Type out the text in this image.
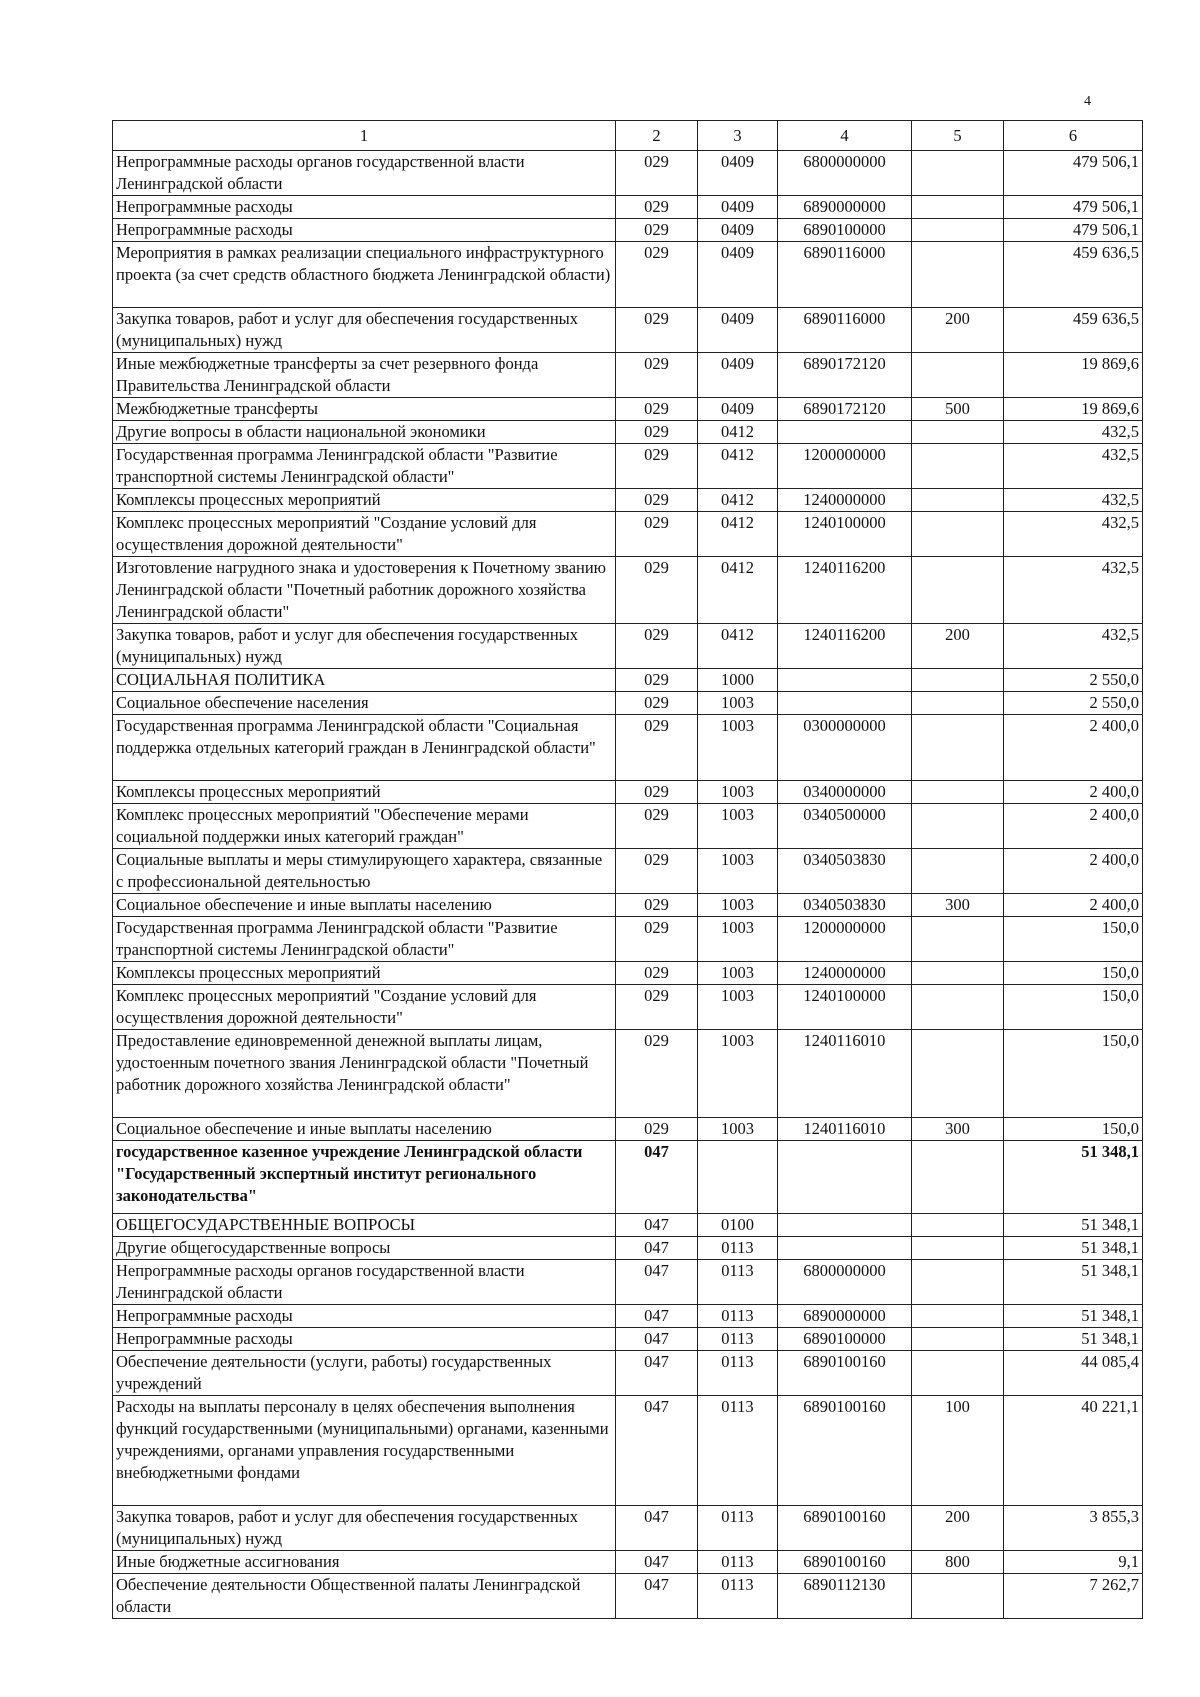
4
1	2	3	4	5	6
Непрограммные расходы органов государственной власти Ленинградской области	029	0409	6800000000		479 506,1
Непрограммные расходы	029	0409	6890000000		479 506,1
Непрограммные расходы	029	0409	6890100000		479 506,1
Мероприятия в рамках реализации специального инфраструктурного проекта (за счет средств областного бюджета Ленинградской области)	029	0409	6890116000		459 636,5
Закупка товаров, работ и услуг для обеспечения государственных (муниципальных) нужд	029	0409	6890116000	200	459 636,5
Иные межбюджетные трансферты за счет резервного фонда Правительства Ленинградской области	029	0409	6890172120		19 869,6
Межбюджетные трансферты	029	0409	6890172120	500	19 869,6
Другие вопросы в области национальной экономики	029	0412			432,5
Государственная программа Ленинградской области "Развитие транспортной системы Ленинградской области"	029	0412	1200000000		432,5
Комплексы процессных мероприятий	029	0412	1240000000		432,5
Комплекс процессных мероприятий "Создание условий для осуществления дорожной деятельности"	029	0412	1240100000		432,5
Изготовление нагрудного знака и удостоверения к Почетному званию Ленинградской области "Почетный работник дорожного хозяйства Ленинградской области"	029	0412	1240116200		432,5
Закупка товаров, работ и услуг для обеспечения государственных (муниципальных) нужд	029	0412	1240116200	200	432,5
СОЦИАЛЬНАЯ ПОЛИТИКА	029	1000			2 550,0
Социальное обеспечение населения	029	1003			2 550,0
Государственная программа Ленинградской области "Социальная поддержка отдельных категорий граждан в Ленинградской области"	029	1003	0300000000		2 400,0
Комплексы процессных мероприятий	029	1003	0340000000		2 400,0
Комплекс процессных мероприятий "Обеспечение мерами социальной поддержки иных категорий граждан"	029	1003	0340500000		2 400,0
Социальные выплаты и меры стимулирующего характера, связанные с профессиональной деятельностью	029	1003	0340503830		2 400,0
Социальное обеспечение и иные выплаты населению	029	1003	0340503830	300	2 400,0
Государственная программа Ленинградской области "Развитие транспортной системы Ленинградской области"	029	1003	1200000000		150,0
Комплексы процессных мероприятий	029	1003	1240000000		150,0
Комплекс процессных мероприятий "Создание условий для осуществления дорожной деятельности"	029	1003	1240100000		150,0
Предоставление единовременной денежной выплаты лицам, удостоенным почетного звания Ленинградской области "Почетный работник дорожного хозяйства Ленинградской области"	029	1003	1240116010		150,0
Социальное обеспечение и иные выплаты населению	029	1003	1240116010	300	150,0
государственное казенное учреждение Ленинградской области "Государственный экспертный институт регионального законодательства"	047				51 348,1
ОБЩЕГОСУДАРСТВЕННЫЕ ВОПРОСЫ	047	0100			51 348,1
Другие общегосударственные вопросы	047	0113			51 348,1
Непрограммные расходы органов государственной власти Ленинградской области	047	0113	6800000000		51 348,1
Непрограммные расходы	047	0113	6890000000		51 348,1
Непрограммные расходы	047	0113	6890100000		51 348,1
Обеспечение деятельности (услуги, работы) государственных учреждений	047	0113	6890100160		44 085,4
Расходы на выплаты персоналу в целях обеспечения выполнения функций государственными (муниципальными) органами, казенными учреждениями, органами управления государственными внебюджетными фондами	047	0113	6890100160	100	40 221,1
Закупка товаров, работ и услуг для обеспечения государственных (муниципальных) нужд	047	0113	6890100160	200	3 855,3
Иные бюджетные ассигнования	047	0113	6890100160	800	9,1
Обеспечение деятельности Общественной палаты Ленинградской области	047	0113	6890112130		7 262,7
